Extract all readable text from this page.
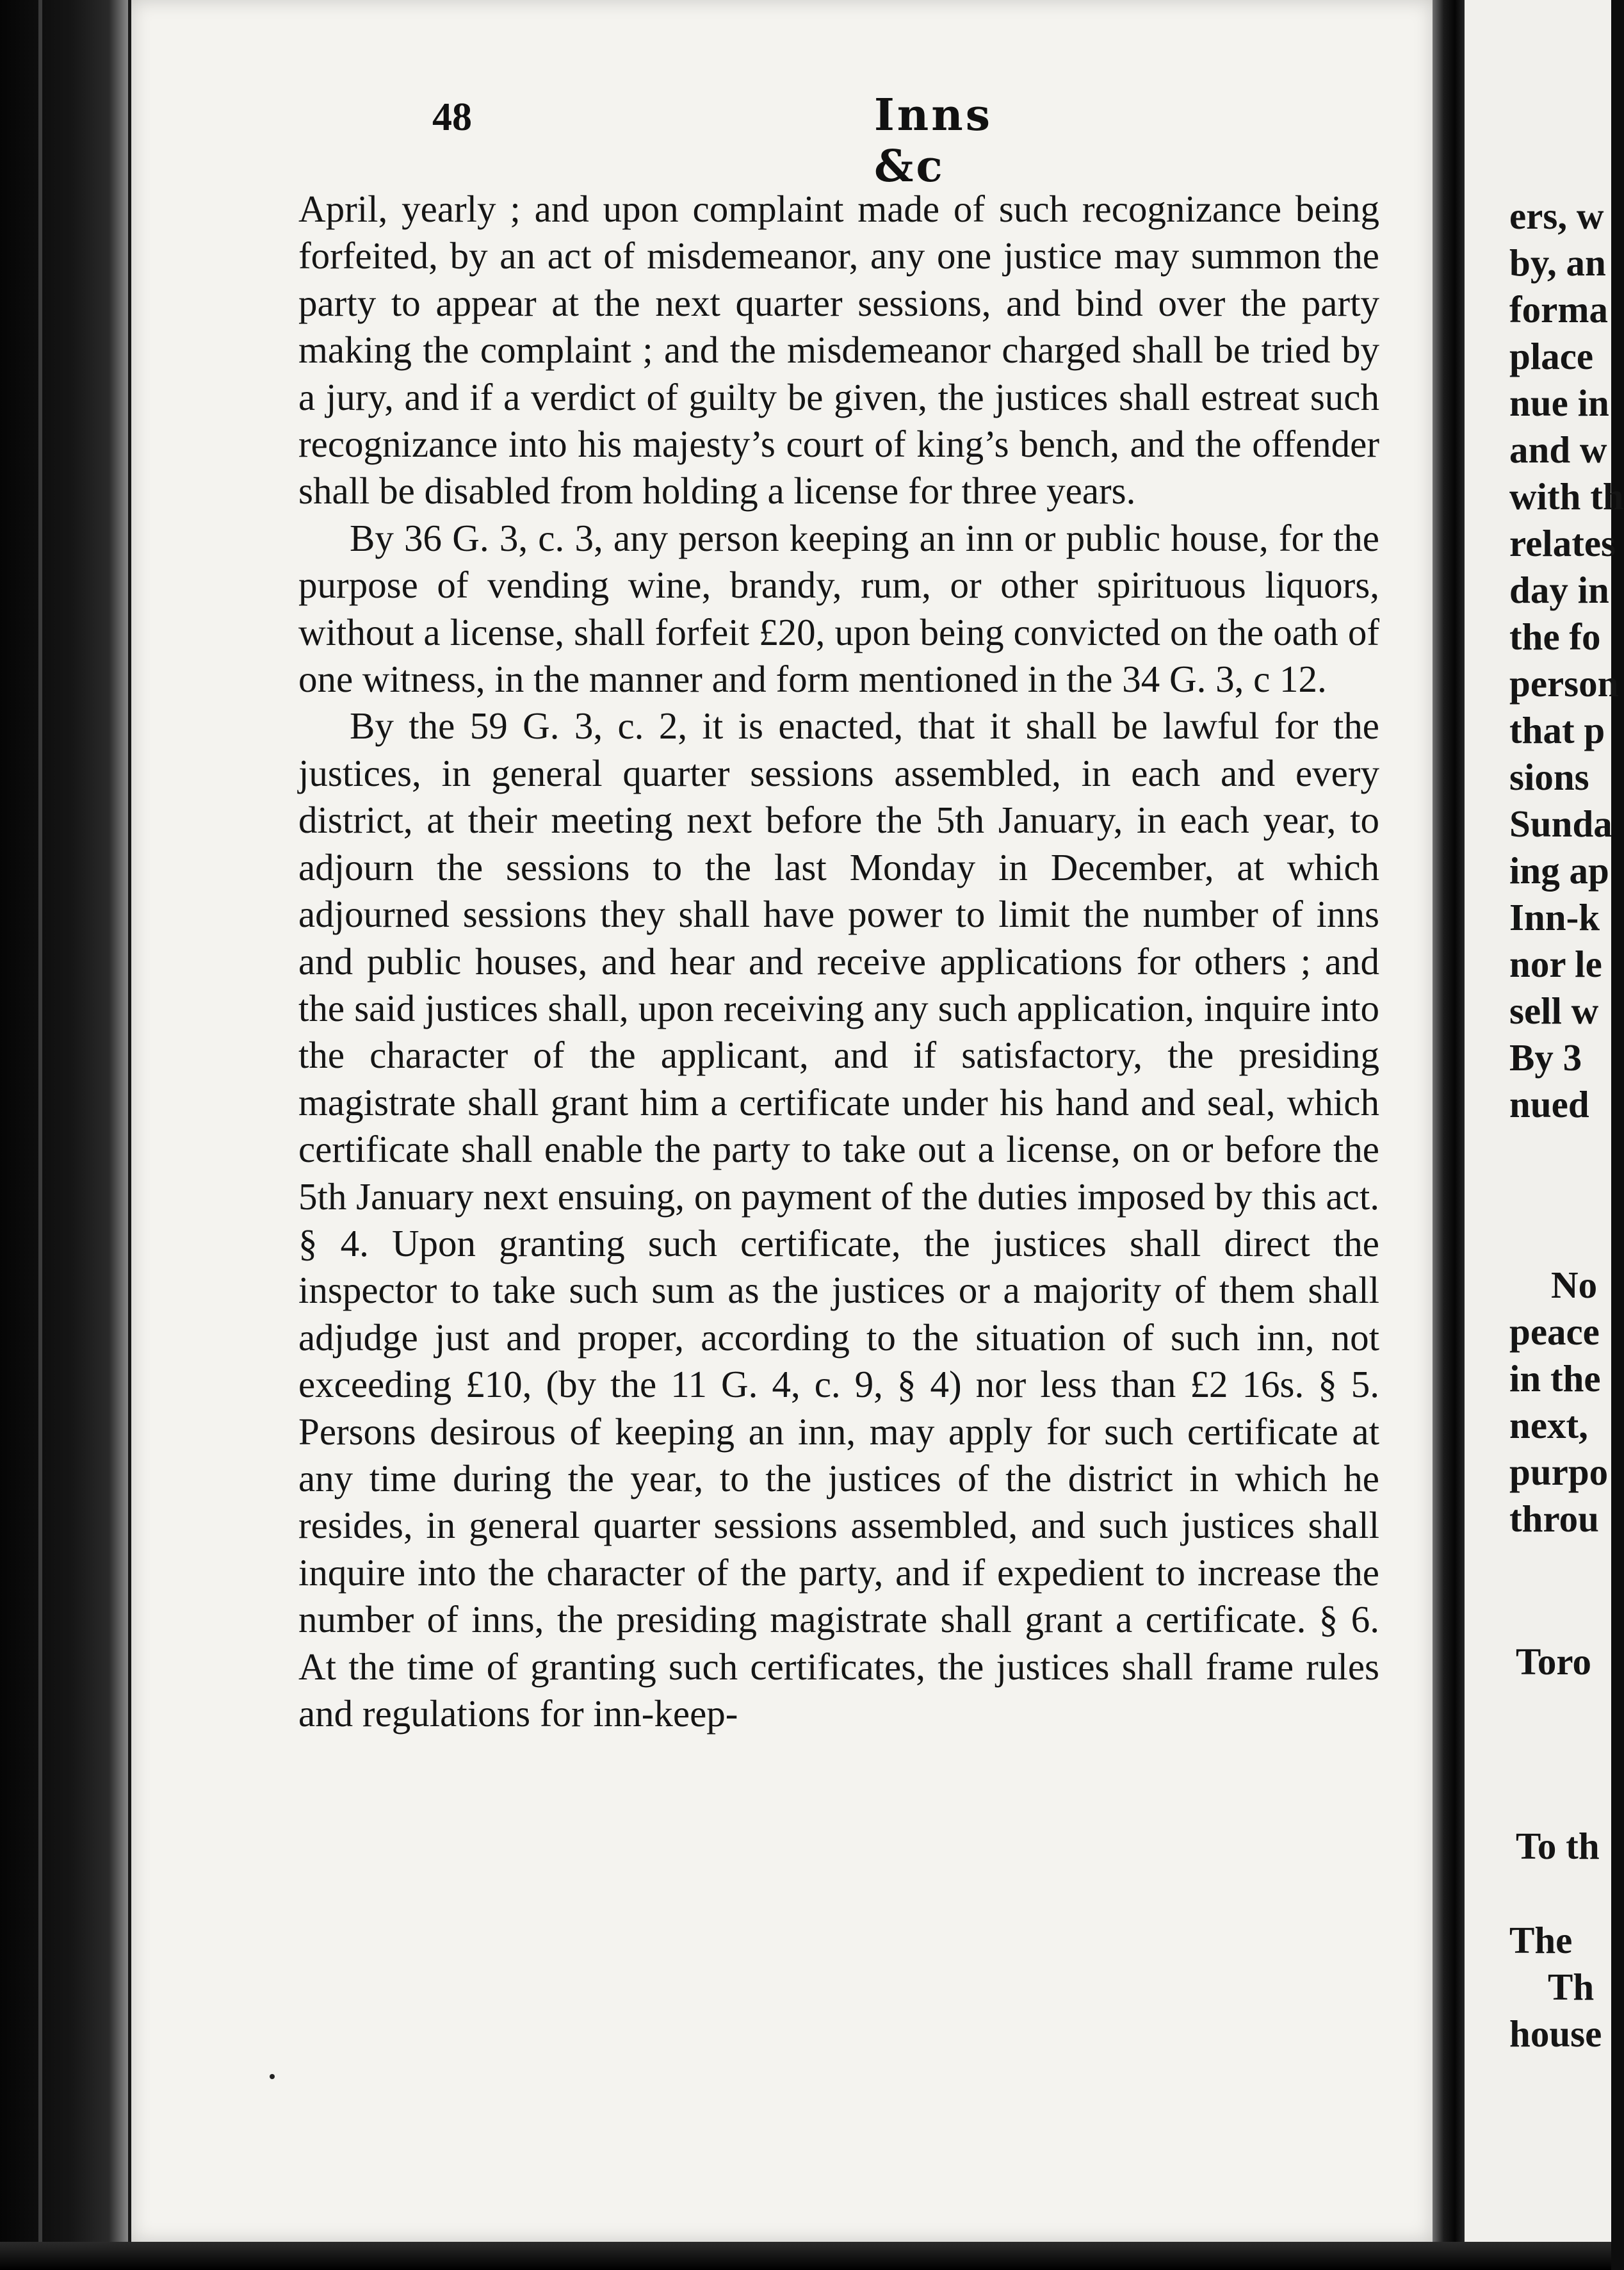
48	Inns &c

April, yearly ; and upon complaint made of such recognizance being forfeited, by an act of misdemeanor, any one justice may summon the party to appear at the next quarter sessions, and bind over the party making the complaint ; and the misdemeanor charged shall be tried by a jury, and if a verdict of guilty be given, the justices shall estreat such recognizance into his majesty’s court of king’s bench, and the offender shall be disabled from holding a license for three years.

By 36 G. 3, c. 3, any person keeping an inn or public house, for the purpose of vending wine, brandy, rum, or other spirituous liquors, without a license, shall forfeit £20, upon being convicted on the oath of one witness, in the manner and form mentioned in the 34 G. 3, c 12.

By the 59 G. 3, c. 2, it is enacted, that it shall be lawful for the justices, in general quarter sessions assembled, in each and every district, at their meeting next before the 5th January, in each year, to adjourn the sessions to the last Monday in December, at which adjourned sessions they shall have power to limit the number of inns and public houses, and hear and receive applications for others ; and the said justices shall, upon receiving any such application, inquire into the character of the applicant, and if satisfactory, the presiding magistrate shall grant him a certificate under his hand and seal, which certificate shall enable the party to take out a license, on or before the 5th January next ensuing, on payment of the duties imposed by this act. § 4. Upon granting such certificate, the justices shall direct the inspector to take such sum as the justices or a majority of them shall adjudge just and proper, according to the situation of such inn, not exceeding £10, (by the 11 G. 4, c. 9, § 4) nor less than £2 16s. § 5. Persons desirous of keeping an inn, may apply for such certificate at any time during the year, to the justices of the district in which he resides, in general quarter sessions assembled, and such justices shall inquire into the character of the party, and if expedient to increase the number of inns, the presiding magistrate shall grant a certificate. § 6. At the time of granting such certificates, the justices shall frame rules and regulations for inn-keep-

ers, w
by, an
forma
place
nue in
and w
with th
relates
day in
the fo
person
that p
sions
Sunda
ing ap
Inn-k
nor le
sell w
By 3
nued
No
peace
in the
next,
purpo
throu
Toro
To th
The
Th
house
